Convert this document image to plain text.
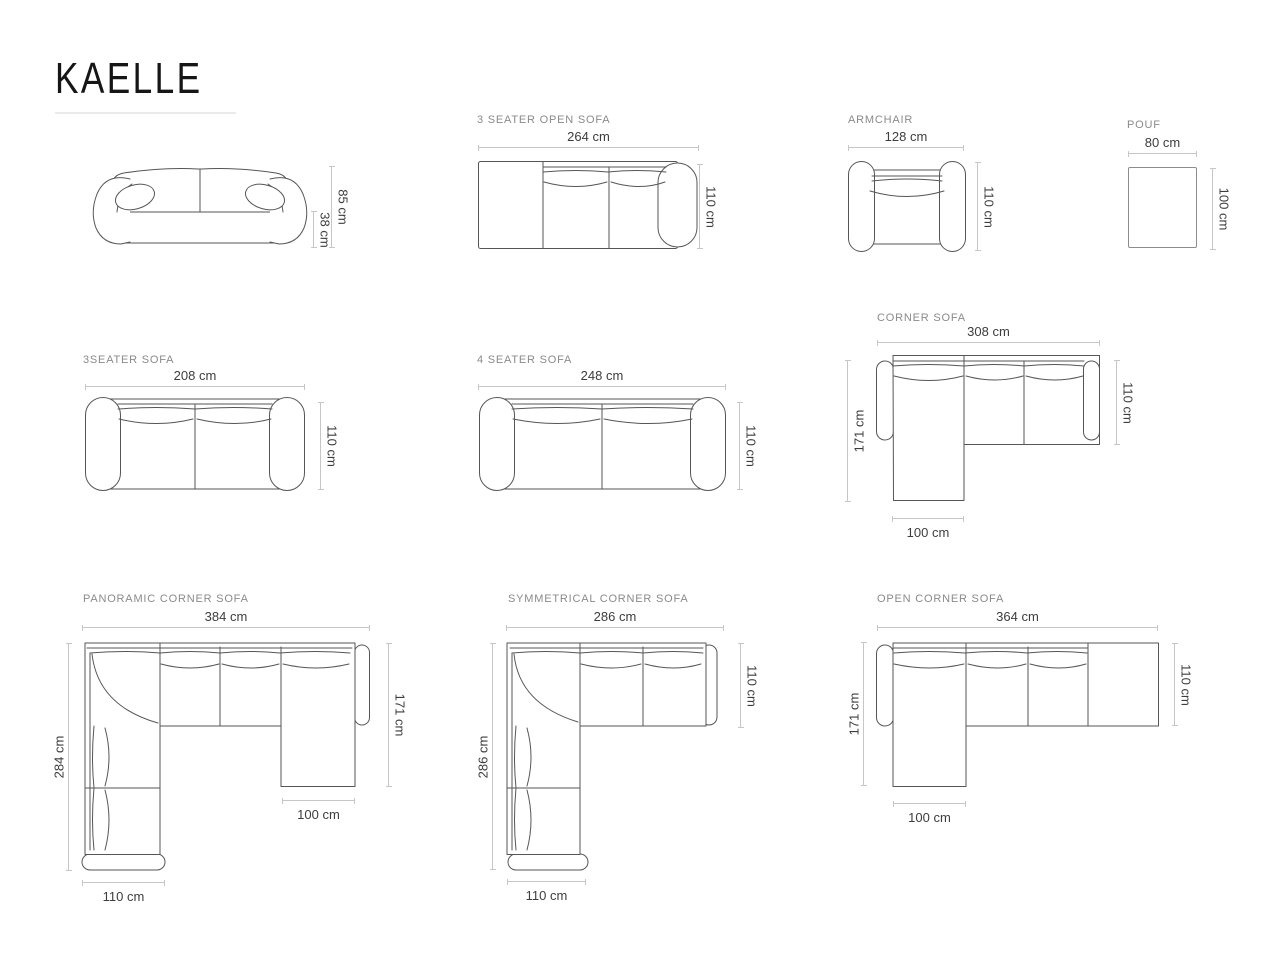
KAELLE
38 cm
85 cm
3 SEATER OPEN SOFA
264 cm
110 cm
ARMCHAIR
128 cm
110 cm
POUF
80 cm
100 cm
3SEATER SOFA
208 cm
110 cm
4 SEATER SOFA
248 cm
110 cm
CORNER SOFA
308 cm
171 cm
110 cm
100 cm
PANORAMIC CORNER SOFA
384 cm
284 cm
171 cm
100 cm
110 cm
SYMMETRICAL CORNER SOFA
286 cm
286 cm
110 cm
110 cm
OPEN CORNER SOFA
364 cm
171 cm
110 cm
100 cm
